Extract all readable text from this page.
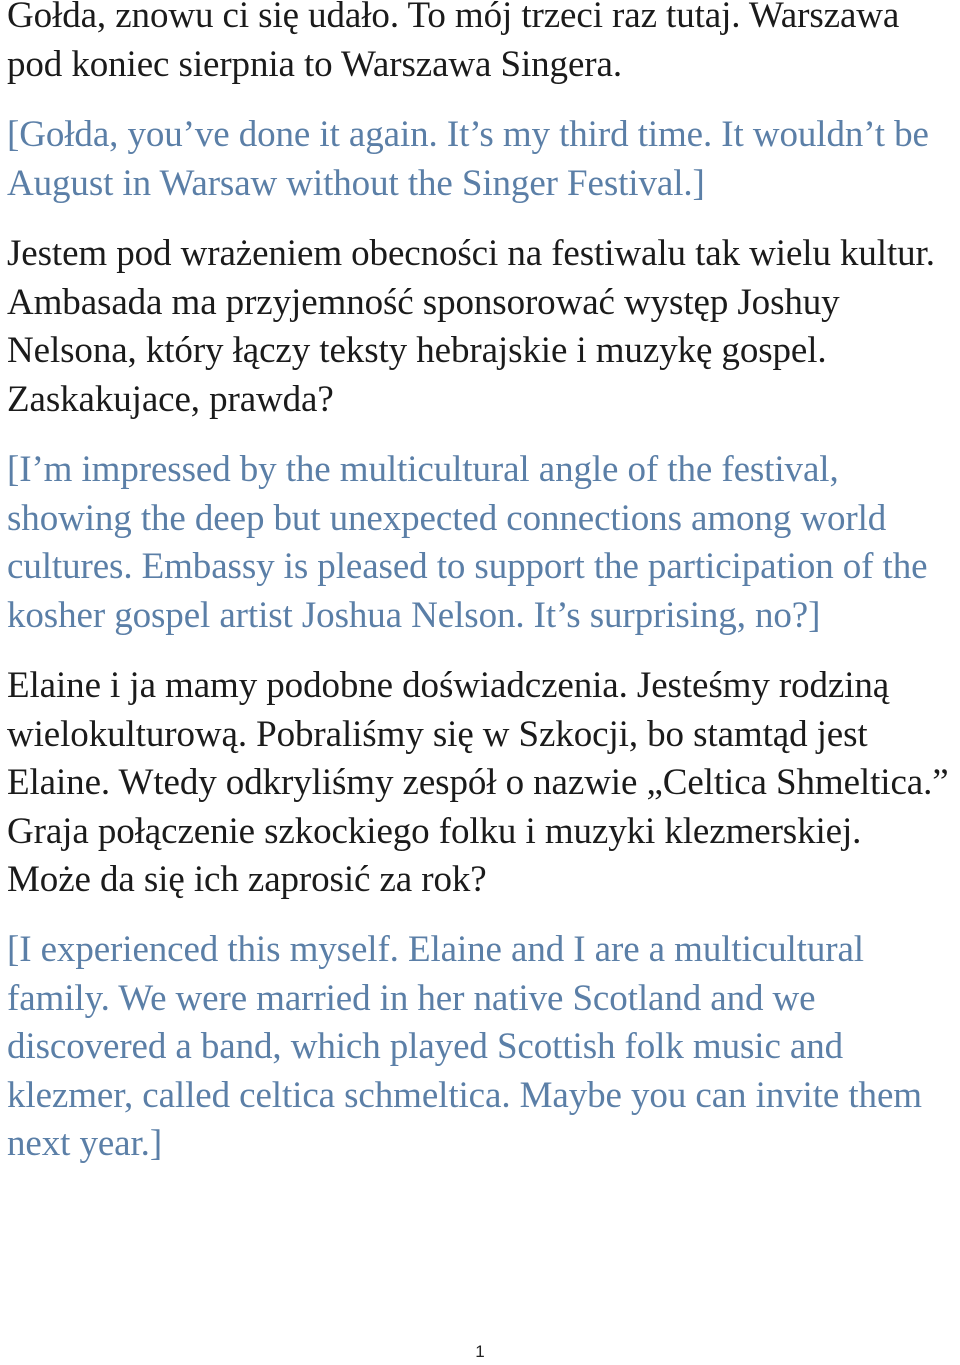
Gołda, znowu ci się udało. To mój trzeci raz tutaj. Warszawa
pod koniec sierpnia to Warszawa Singera.

[Gołda, you’ve done it again. It’s my third time. It wouldn’t be
August in Warsaw without the Singer Festival.]

Jestem pod wrażeniem obecności na festiwalu tak wielu kultur.
Ambasada ma przyjemność sponsorować występ Joshuy
Nelsona, który łączy teksty hebrajskie i muzykę gospel.
Zaskakujace, prawda?

[I’m impressed by the multicultural angle of the festival,
showing the deep but unexpected connections among world
cultures. Embassy is pleased to support the participation of the
kosher gospel artist Joshua Nelson. It’s surprising, no?]

Elaine i ja mamy podobne doświadczenia. Jesteśmy rodziną
wielokulturową. Pobraliśmy się w Szkocji, bo stamtąd jest
Elaine. Wtedy odkryliśmy zespół o nazwie „Celtica Shmeltica.”
Graja połączenie szkockiego folku i muzyki klezmerskiej.
Może da się ich zaprosić za rok?

[I experienced this myself. Elaine and I are a multicultural
family. We were married in her native Scotland and we
discovered a band, which played Scottish folk music and
klezmer, called celtica schmeltica. Maybe you can invite them
next year.]

1
